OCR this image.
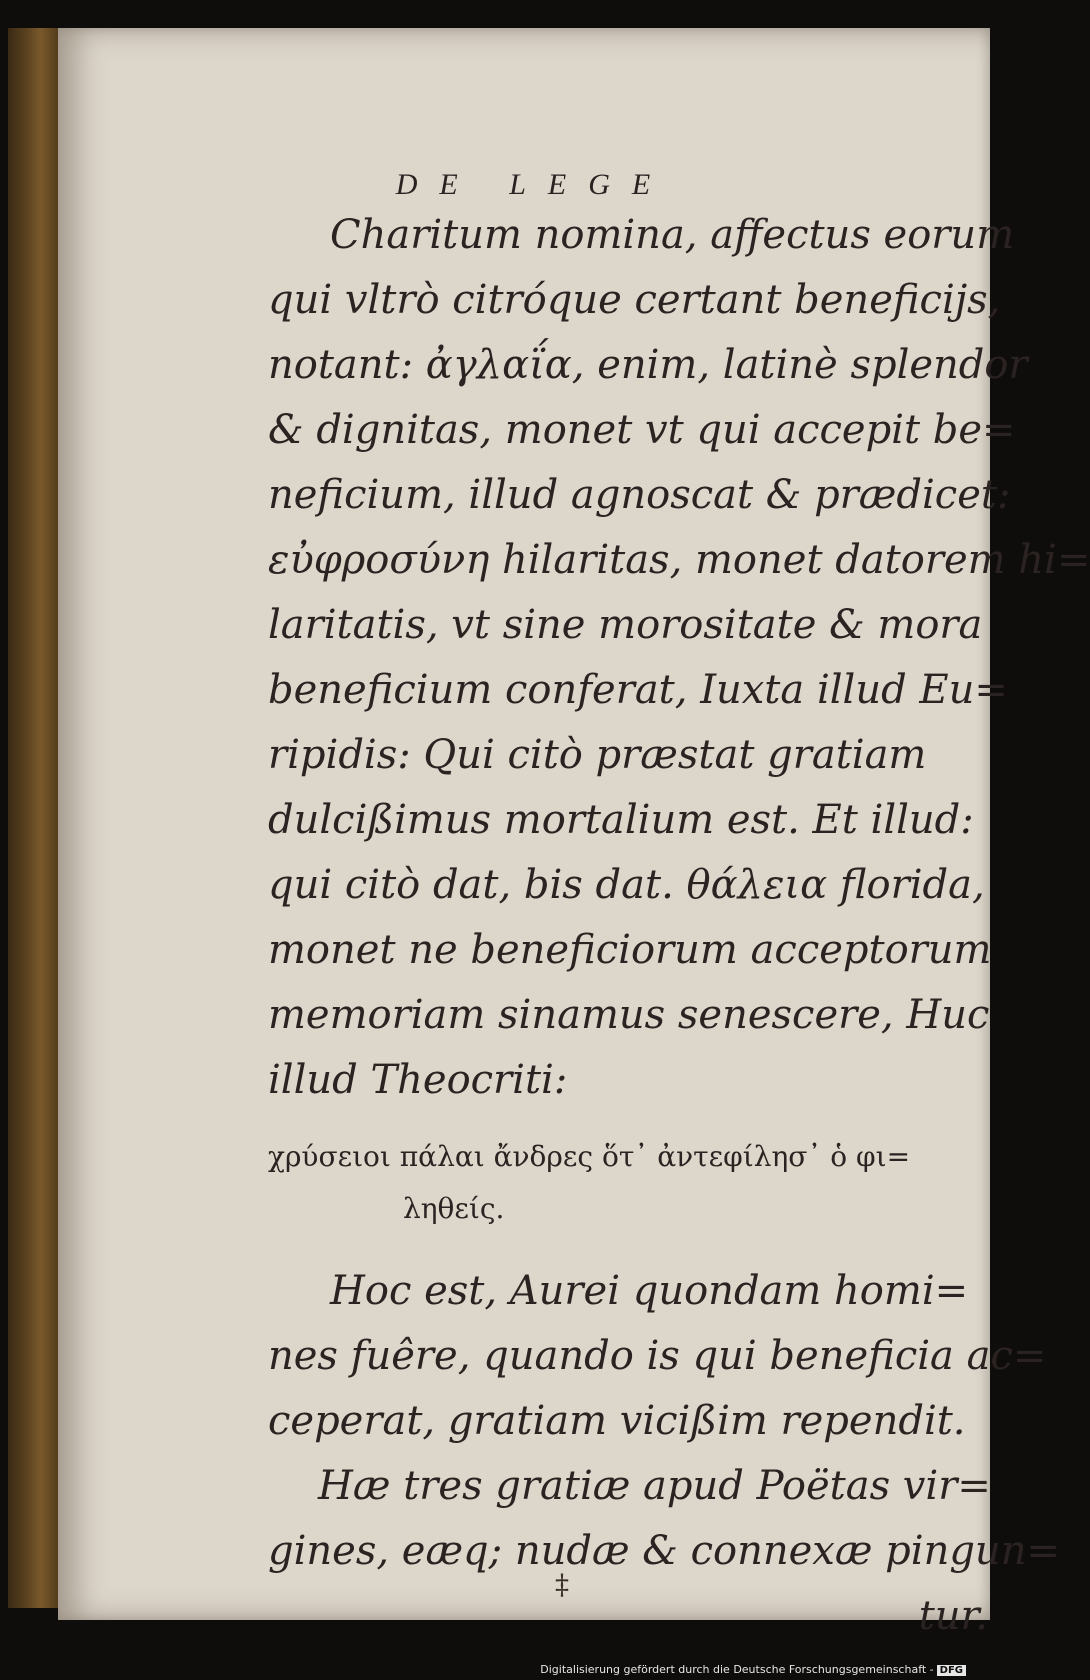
DE LEGE
Charitum nomina, affectus eorum
qui vltrò citróque certant beneficijs,
notant: ἀγλαΐα, enim, latinè splendor
& dignitas, monet vt qui accepit be=
neficium, illud agnoscat & prædicet:
εὐφροσύνη hilaritas, monet datorem hi=
laritatis, vt sine morositate & mora
beneficium conferat, Iuxta illud Eu=
ripidis: Qui citò præstat gratiam
dulcißimus mortalium est. Et illud:
qui citò dat, bis dat. θάλεια florida,
monet ne beneficiorum acceptorum
memoriam sinamus senescere, Huc
illud Theocriti:
χρύσειοι πάλαι ἄνδρες ὅτ᾽ ἀντεφίλησ᾽ ὁ φι=
ληθείς.
Hoc est, Aurei quondam homi=
nes fuêre, quando is qui beneficia ac=
ceperat, gratiam vicißim rependit.
Hæ tres gratiæ apud Poëtas vir=
gines, eæq; nudæ & connexæ pingun=
tur.
‡
Digitalisierung gefördert durch die Deutsche Forschungsgemeinschaft - DFG
